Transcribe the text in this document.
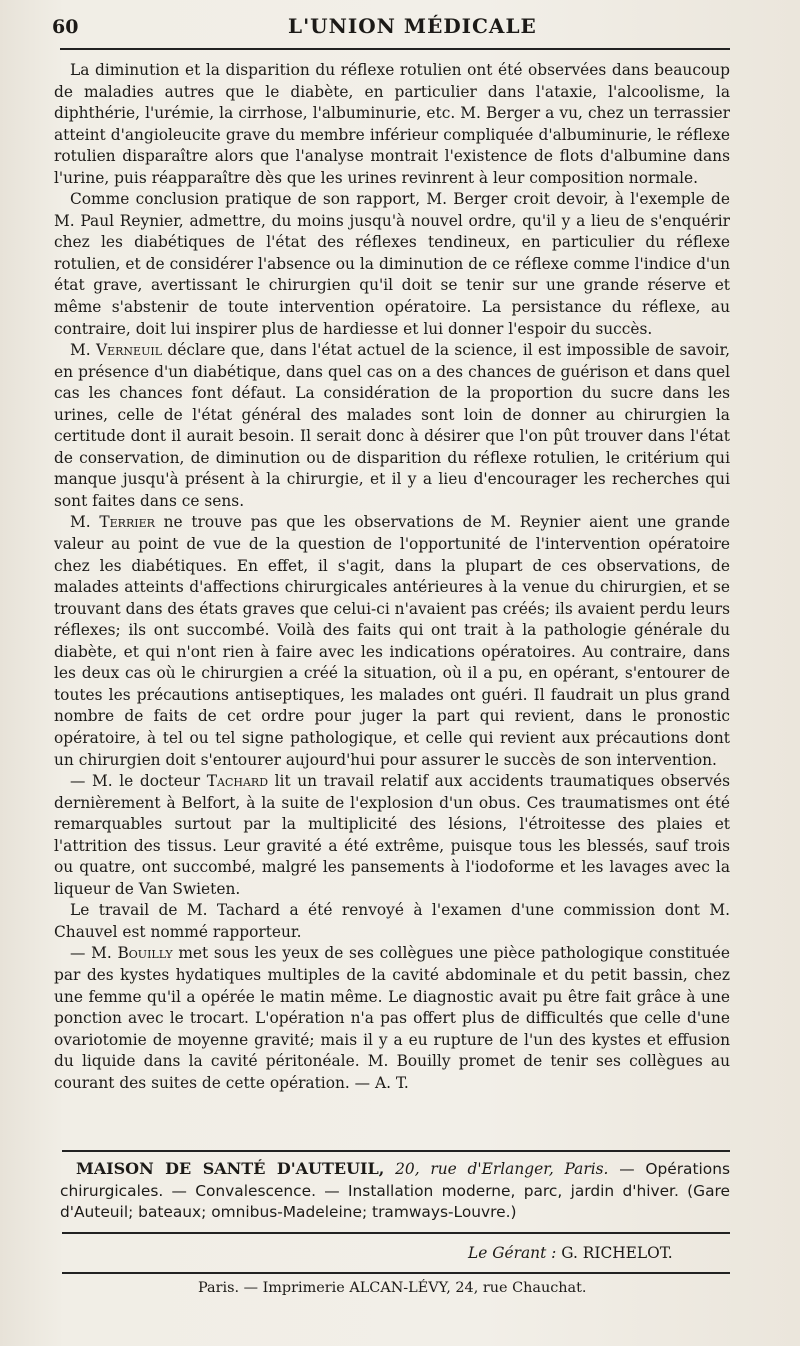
60	L'UNION MÉDICALE

La diminution et la disparition du réflexe rotulien ont été observées dans beaucoup de maladies autres que le diabète, en particulier dans l'ataxie, l'alcoolisme, la diphthérie, l'urémie, la cirrhose, l'albuminurie, etc. M. Berger a vu, chez un terrassier atteint d'angioleucite grave du membre inférieur compliquée d'albuminurie, le réflexe rotulien disparaître alors que l'analyse montrait l'existence de flots d'albumine dans l'urine, puis réapparaître dès que les urines revinrent à leur composition normale.

Comme conclusion pratique de son rapport, M. Berger croit devoir, à l'exemple de M. Paul Reynier, admettre, du moins jusqu'à nouvel ordre, qu'il y a lieu de s'enquérir chez les diabétiques de l'état des réflexes tendineux, en particulier du réflexe rotulien, et de considérer l'absence ou la diminution de ce réflexe comme l'indice d'un état grave, avertissant le chirurgien qu'il doit se tenir sur une grande réserve et même s'abstenir de toute intervention opératoire. La persistance du réflexe, au contraire, doit lui inspirer plus de hardiesse et lui donner l'espoir du succès.

M. Verneuil déclare que, dans l'état actuel de la science, il est impossible de savoir, en présence d'un diabétique, dans quel cas on a des chances de guérison et dans quel cas les chances font défaut. La considération de la proportion du sucre dans les urines, celle de l'état général des malades sont loin de donner au chirurgien la certitude dont il aurait besoin. Il serait donc à désirer que l'on pût trouver dans l'état de conservation, de diminution ou de disparition du réflexe rotulien, le critérium qui manque jusqu'à présent à la chirurgie, et il y a lieu d'encourager les recherches qui sont faites dans ce sens.

M. Terrier ne trouve pas que les observations de M. Reynier aient une grande valeur au point de vue de la question de l'opportunité de l'intervention opératoire chez les diabétiques. En effet, il s'agit, dans la plupart de ces observations, de malades atteints d'affections chirurgicales antérieures à la venue du chirurgien, et se trouvant dans des états graves que celui-ci n'avaient pas créés; ils avaient perdu leurs réflexes; ils ont succombé. Voilà des faits qui ont trait à la pathologie générale du diabète, et qui n'ont rien à faire avec les indications opératoires. Au contraire, dans les deux cas où le chirurgien a créé la situation, où il a pu, en opérant, s'entourer de toutes les précautions antiseptiques, les malades ont guéri. Il faudrait un plus grand nombre de faits de cet ordre pour juger la part qui revient, dans le pronostic opératoire, à tel ou tel signe pathologique, et celle qui revient aux précautions dont un chirurgien doit s'entourer aujourd'hui pour assurer le succès de son intervention.

— M. le docteur Tachard lit un travail relatif aux accidents traumatiques observés dernièrement à Belfort, à la suite de l'explosion d'un obus. Ces traumatismes ont été remarquables surtout par la multiplicité des lésions, l'étroitesse des plaies et l'attrition des tissus. Leur gravité a été extrême, puisque tous les blessés, sauf trois ou quatre, ont succombé, malgré les pansements à l'iodoforme et les lavages avec la liqueur de Van Swieten.

Le travail de M. Tachard a été renvoyé à l'examen d'une commission dont M. Chauvel est nommé rapporteur.

— M. Bouilly met sous les yeux de ses collègues une pièce pathologique constituée par des kystes hydatiques multiples de la cavité abdominale et du petit bassin, chez une femme qu'il a opérée le matin même. Le diagnostic avait pu être fait grâce à une ponction avec le trocart. L'opération n'a pas offert plus de difficultés que celle d'une ovariotomie de moyenne gravité; mais il y a eu rupture de l'un des kystes et effusion du liquide dans la cavité péritonéale. M. Bouilly promet de tenir ses collègues au courant des suites de cette opération. — A. T.

MAISON DE SANTÉ D'AUTEUIL, 20, rue d'Erlanger, Paris. — Opérations chirurgicales. — Convalescence. — Installation moderne, parc, jardin d'hiver. (Gare d'Auteuil; bateaux; omnibus-Madeleine; tramways-Louvre.)

Le Gérant : G. RICHELOT.
Paris. — Imprimerie ALCAN-LÉVY, 24, rue Chauchat.
